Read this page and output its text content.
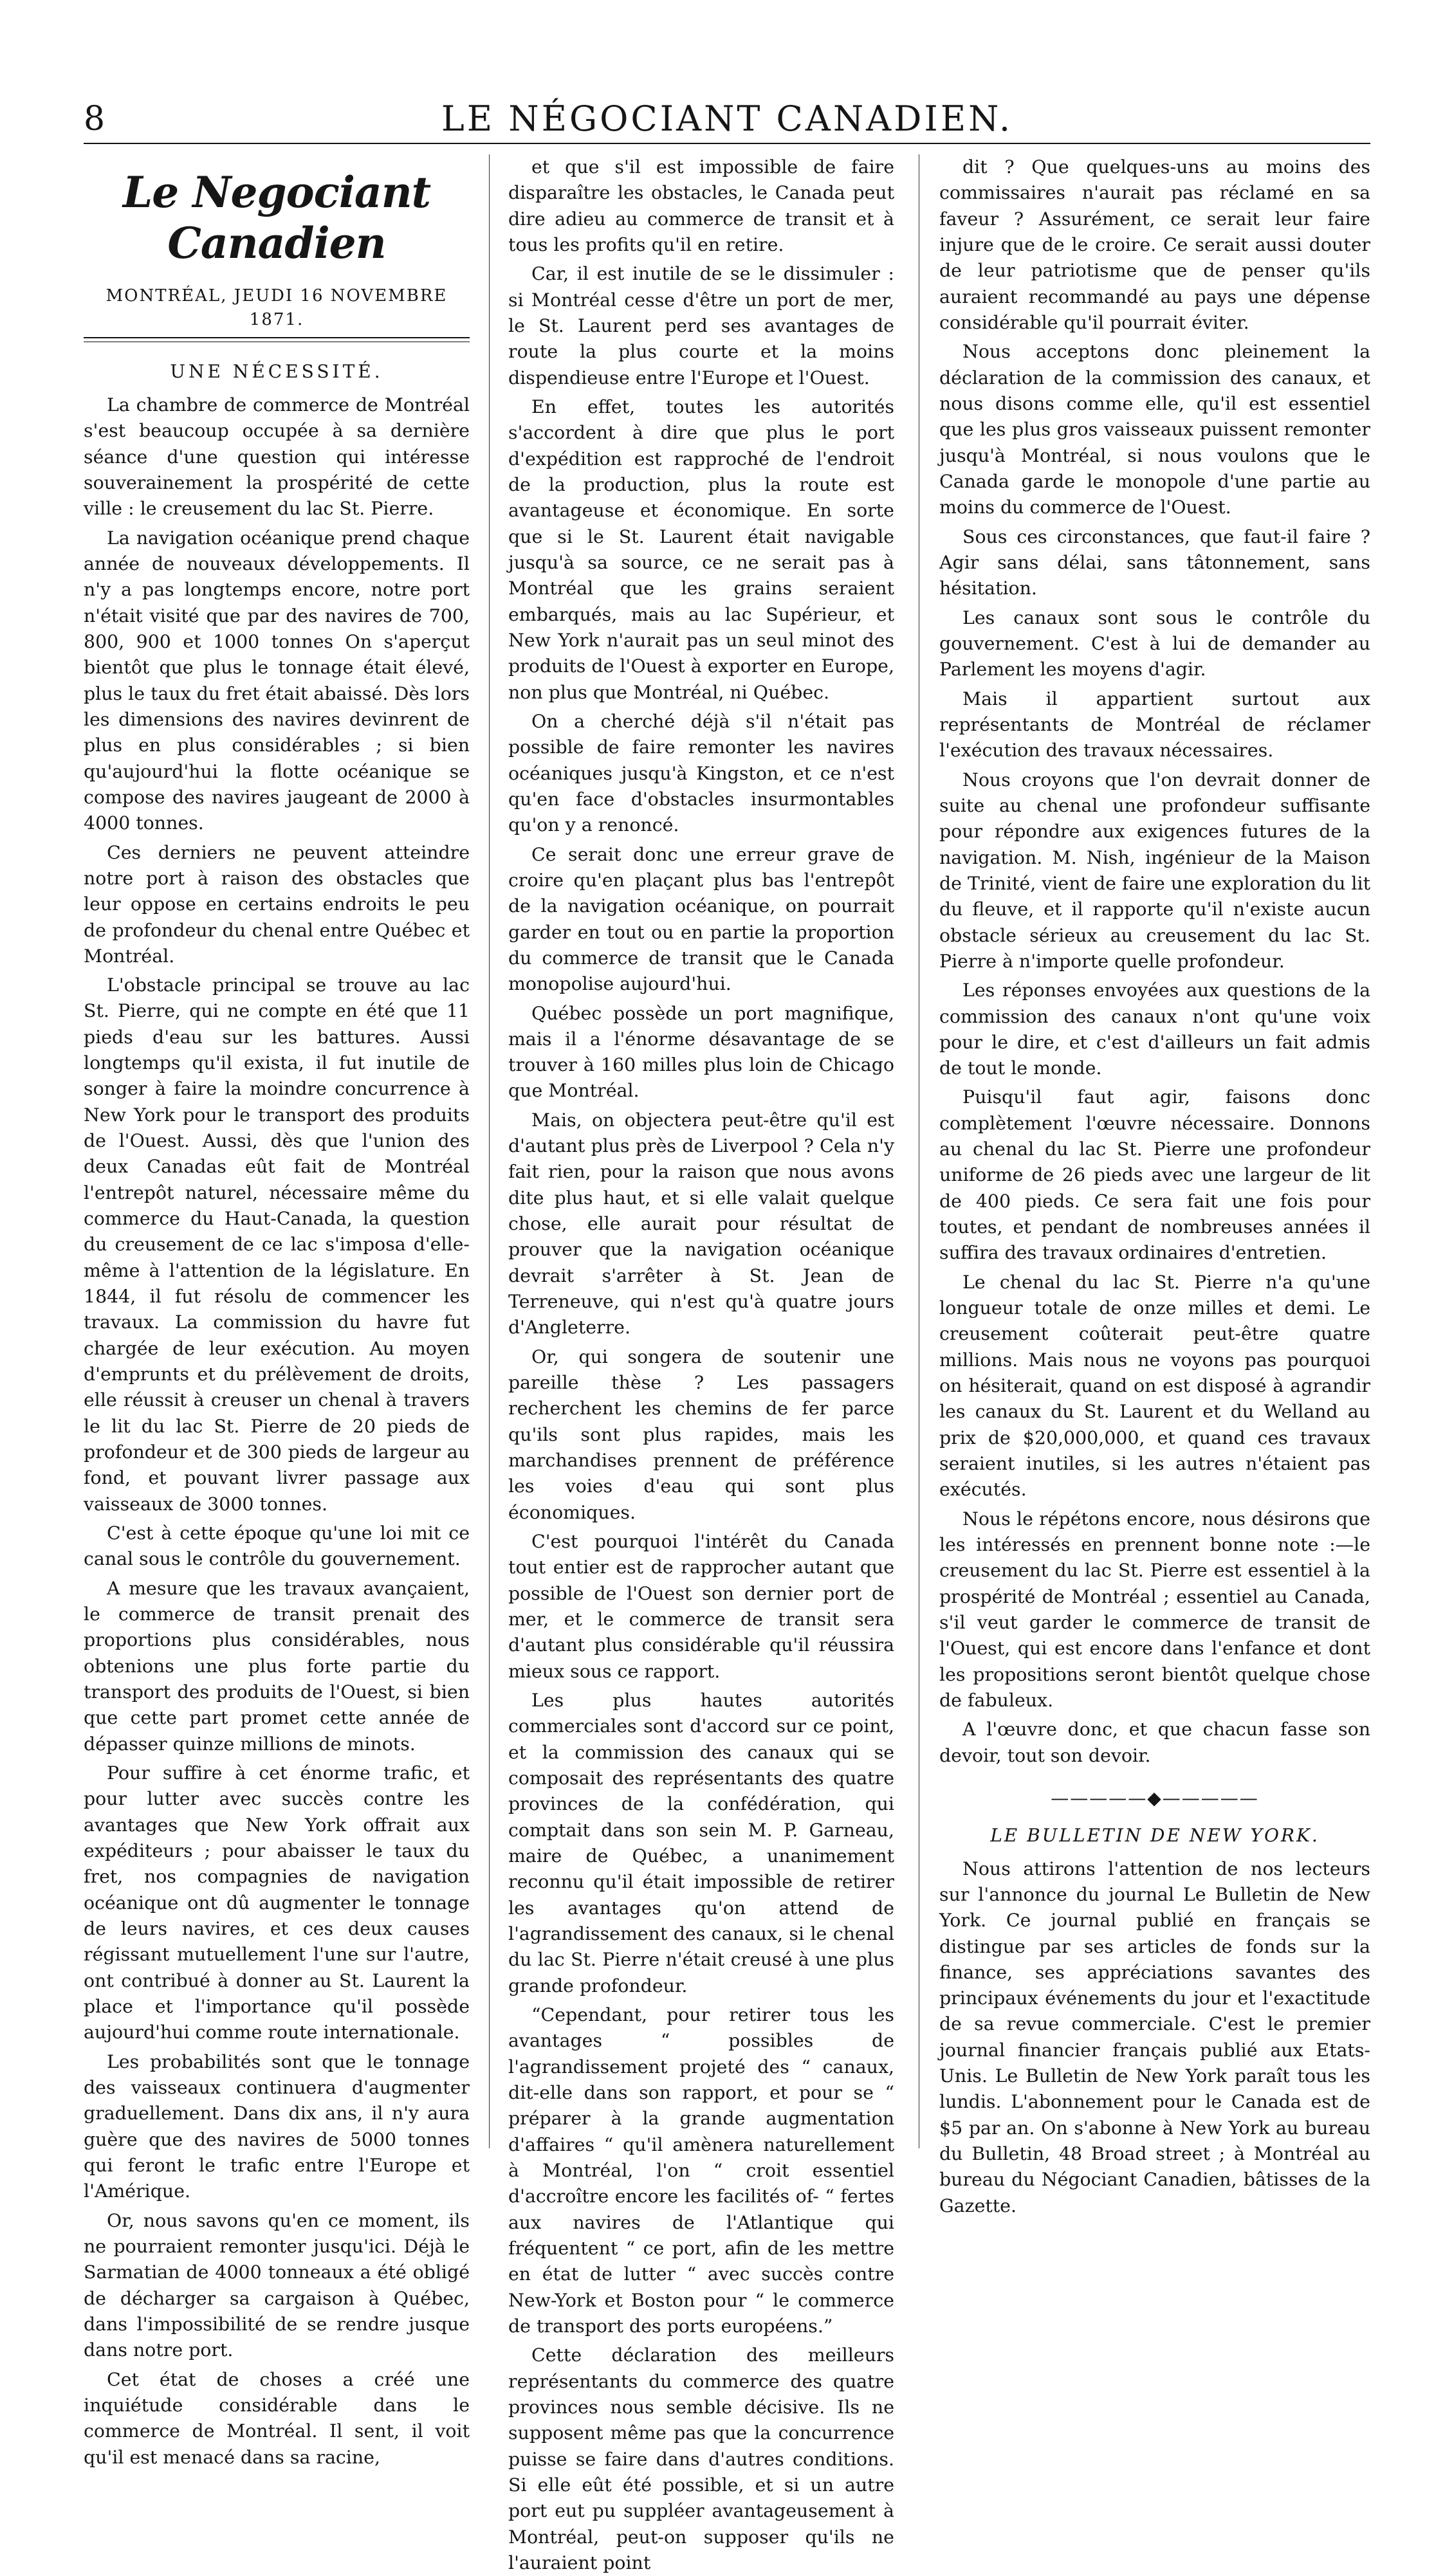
8	LE NÉGOCIANT CANADIEN.
Le Negociant Canadien
MONTRÉAL, JEUDI 16 NOVEMBRE 1871.
UNE NÉCESSITÉ.

La chambre de commerce de Montréal s'est beaucoup occupée à sa dernière séance d'une question qui intéresse souverainement la prospérité de cette ville : le creusement du lac St. Pierre.

La navigation océanique prend chaque année de nouveaux développements. Il n'y a pas longtemps encore, notre port n'était visité que par des navires de 700, 800, 900 et 1000 tonnes On s'aperçut bientôt que plus le tonnage était élevé, plus le taux du fret était abaissé. Dès lors les dimensions des navires devinrent de plus en plus considérables ; si bien qu'aujourd'hui la flotte océanique se compose des navires jaugeant de 2000 à 4000 tonnes.

Ces derniers ne peuvent atteindre notre port à raison des obstacles que leur oppose en certains endroits le peu de profondeur du chenal entre Québec et Montréal.

L'obstacle principal se trouve au lac St. Pierre, qui ne compte en été que 11 pieds d'eau sur les battures. Aussi longtemps qu'il exista, il fut inutile de songer à faire la moindre concurrence à New York pour le transport des produits de l'Ouest. Aussi, dès que l'union des deux Canadas eût fait de Montréal l'entrepôt naturel, nécessaire même du commerce du Haut-Canada, la question du creusement de ce lac s'imposa d'elle-même à l'attention de la législature. En 1844, il fut résolu de commencer les travaux. La commission du havre fut chargée de leur exécution. Au moyen d'emprunts et du prélèvement de droits, elle réussit à creuser un chenal à travers le lit du lac St. Pierre de 20 pieds de profondeur et de 300 pieds de largeur au fond, et pouvant livrer passage aux vaisseaux de 3000 tonnes.

C'est à cette époque qu'une loi mit ce canal sous le contrôle du gouvernement.

A mesure que les travaux avançaient, le commerce de transit prenait des proportions plus considérables, nous obtenions une plus forte partie du transport des produits de l'Ouest, si bien que cette part promet cette année de dépasser quinze millions de minots.

Pour suffire à cet énorme trafic, et pour lutter avec succès contre les avantages que New York offrait aux expéditeurs ; pour abaisser le taux du fret, nos compagnies de navigation océanique ont dû augmenter le tonnage de leurs navires, et ces deux causes régissant mutuellement l'une sur l'autre, ont contribué à donner au St. Laurent la place et l'importance qu'il possède aujourd'hui comme route internationale.

Les probabilités sont que le tonnage des vaisseaux continuera d'augmenter graduellement. Dans dix ans, il n'y aura guère que des navires de 5000 tonnes qui feront le trafic entre l'Europe et l'Amérique.

Or, nous savons qu'en ce moment, ils ne pourraient remonter jusqu'ici. Déjà le Sarmatian de 4000 tonneaux a été obligé de décharger sa cargaison à Québec, dans l'impossibilité de se rendre jusque dans notre port.

Cet état de choses a créé une inquiétude considérable dans le commerce de Montréal. Il sent, il voit qu'il est menacé dans sa racine,

et que s'il est impossible de faire disparaître les obstacles, le Canada peut dire adieu au commerce de transit et à tous les profits qu'il en retire.

Car, il est inutile de se le dissimuler : si Montréal cesse d'être un port de mer, le St. Laurent perd ses avantages de route la plus courte et la moins dispendieuse entre l'Europe et l'Ouest.

En effet, toutes les autorités s'accordent à dire que plus le port d'expédition est rapproché de l'endroit de la production, plus la route est avantageuse et économique. En sorte que si le St. Laurent était navigable jusqu'à sa source, ce ne serait pas à Montréal que les grains seraient embarqués, mais au lac Supérieur, et New York n'aurait pas un seul minot des produits de l'Ouest à exporter en Europe, non plus que Montréal, ni Québec.

On a cherché déjà s'il n'était pas possible de faire remonter les navires océaniques jusqu'à Kingston, et ce n'est qu'en face d'obstacles insurmontables qu'on y a renoncé.

Ce serait donc une erreur grave de croire qu'en plaçant plus bas l'entrepôt de la navigation océanique, on pourrait garder en tout ou en partie la proportion du commerce de transit que le Canada monopolise aujourd'hui.

Québec possède un port magnifique, mais il a l'énorme désavantage de se trouver à 160 milles plus loin de Chicago que Montréal.

Mais, on objectera peut-être qu'il est d'autant plus près de Liverpool ? Cela n'y fait rien, pour la raison que nous avons dite plus haut, et si elle valait quelque chose, elle aurait pour résultat de prouver que la navigation océanique devrait s'arrêter à St. Jean de Terreneuve, qui n'est qu'à quatre jours d'Angleterre.

Or, qui songera de soutenir une pareille thèse ? Les passagers recherchent les chemins de fer parce qu'ils sont plus rapides, mais les marchandises prennent de préférence les voies d'eau qui sont plus économiques.

C'est pourquoi l'intérêt du Canada tout entier est de rapprocher autant que possible de l'Ouest son dernier port de mer, et le commerce de transit sera d'autant plus considérable qu'il réussira mieux sous ce rapport.

Les plus hautes autorités commerciales sont d'accord sur ce point, et la commission des canaux qui se composait des représentants des quatre provinces de la confédération, qui comptait dans son sein M. P. Garneau, maire de Québec, a unanimement reconnu qu'il était impossible de retirer les avantages qu'on attend de l'agrandissement des canaux, si le chenal du lac St. Pierre n'était creusé à une plus grande profondeur.

“Cependant, pour retirer tous les avantages “ possibles de l'agrandissement projeté des “ canaux, dit-elle dans son rapport, et pour se “ préparer à la grande augmentation d'affaires “ qu'il amènera naturellement à Montréal, l'on “ croit essentiel d'accroître encore les facilités of- “ fertes aux navires de l'Atlantique qui fréquentent “ ce port, afin de les mettre en état de lutter “ avec succès contre New-York et Boston pour “ le commerce de transport des ports européens.”

Cette déclaration des meilleurs représentants du commerce des quatre provinces nous semble décisive. Ils ne supposent même pas que la concurrence puisse se faire dans d'autres conditions. Si elle eût été possible, et si un autre port eut pu suppléer avantageusement à Montréal, peut-on supposer qu'ils ne l'auraient point

dit ? Que quelques-uns au moins des commissaires n'aurait pas réclamé en sa faveur ? Assurément, ce serait leur faire injure que de le croire. Ce serait aussi douter de leur patriotisme que de penser qu'ils auraient recommandé au pays une dépense considérable qu'il pourrait éviter.

Nous acceptons donc pleinement la déclaration de la commission des canaux, et nous disons comme elle, qu'il est essentiel que les plus gros vaisseaux puissent remonter jusqu'à Montréal, si nous voulons que le Canada garde le monopole d'une partie au moins du commerce de l'Ouest.

Sous ces circonstances, que faut-il faire ? Agir sans délai, sans tâtonnement, sans hésitation.

Les canaux sont sous le contrôle du gouvernement. C'est à lui de demander au Parlement les moyens d'agir.

Mais il appartient surtout aux représentants de Montréal de réclamer l'exécution des travaux nécessaires.

Nous croyons que l'on devrait donner de suite au chenal une profondeur suffisante pour répondre aux exigences futures de la navigation. M. Nish, ingénieur de la Maison de Trinité, vient de faire une exploration du lit du fleuve, et il rapporte qu'il n'existe aucun obstacle sérieux au creusement du lac St. Pierre à n'importe quelle profondeur.

Les réponses envoyées aux questions de la commission des canaux n'ont qu'une voix pour le dire, et c'est d'ailleurs un fait admis de tout le monde.

Puisqu'il faut agir, faisons donc complètement l'œuvre nécessaire. Donnons au chenal du lac St. Pierre une profondeur uniforme de 26 pieds avec une largeur de lit de 400 pieds. Ce sera fait une fois pour toutes, et pendant de nombreuses années il suffira des travaux ordinaires d'entretien.

Le chenal du lac St. Pierre n'a qu'une longueur totale de onze milles et demi. Le creusement coûterait peut-être quatre millions. Mais nous ne voyons pas pourquoi on hésiterait, quand on est disposé à agrandir les canaux du St. Laurent et du Welland au prix de $20,000,000, et quand ces travaux seraient inutiles, si les autres n'étaient pas exécutés.

Nous le répétons encore, nous désirons que les intéressés en prennent bonne note :—le creusement du lac St. Pierre est essentiel à la prospérité de Montréal ; essentiel au Canada, s'il veut garder le commerce de transit de l'Ouest, qui est encore dans l'enfance et dont les propositions seront bientôt quelque chose de fabuleux.

A l'œuvre donc, et que chacun fasse son devoir, tout son devoir.

—————◆—————
LE BULLETIN DE NEW YORK.

Nous attirons l'attention de nos lecteurs sur l'annonce du journal Le Bulletin de New York. Ce journal publié en français se distingue par ses articles de fonds sur la finance, ses appréciations savantes des principaux événements du jour et l'exactitude de sa revue commerciale. C'est le premier journal financier français publié aux Etats-Unis. Le Bulletin de New York paraît tous les lundis. L'abonnement pour le Canada est de $5 par an. On s'abonne à New York au bureau du Bulletin, 48 Broad street ; à Montréal au bureau du Négociant Canadien, bâtisses de la Gazette.
